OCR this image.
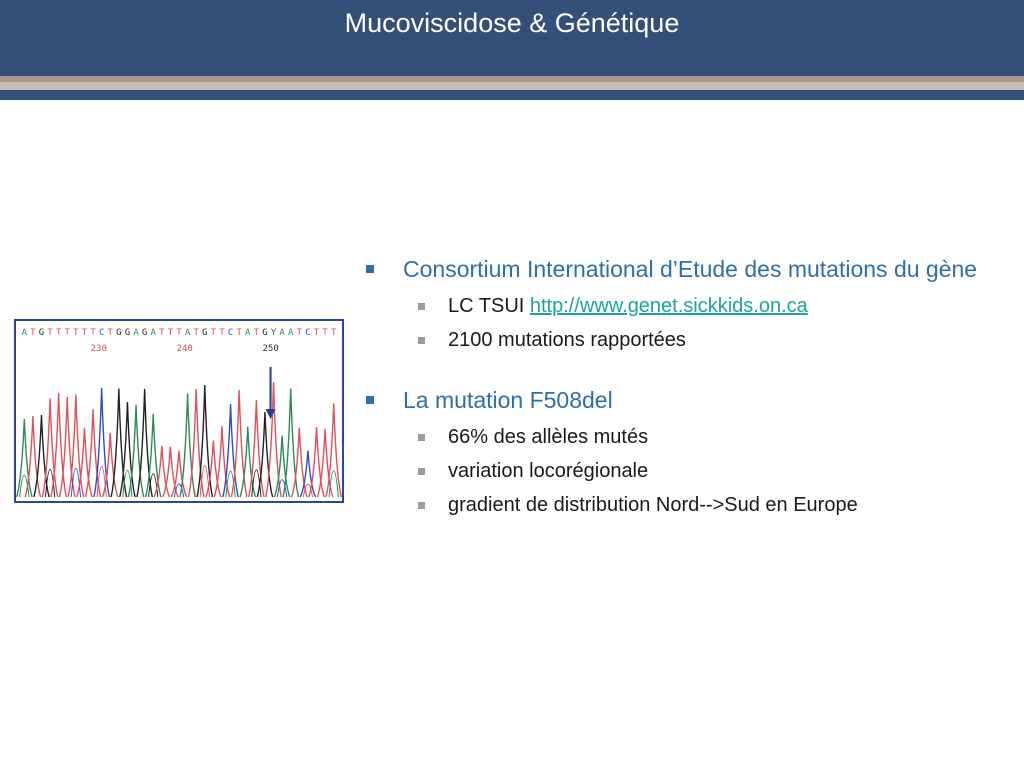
Mucoviscidose & Génétique
A T G T T T T T T C T G G A G A T T T A T G T T C T A T G Y A A T C T T T
230	240	250
Consortium International d’Etude des mutations du gène
LC TSUI http://www.genet.sickkids.on.ca
2100 mutations rapportées
La mutation F508del
66% des allèles mutés
variation locorégionale
gradient de distribution Nord-->Sud en Europe
